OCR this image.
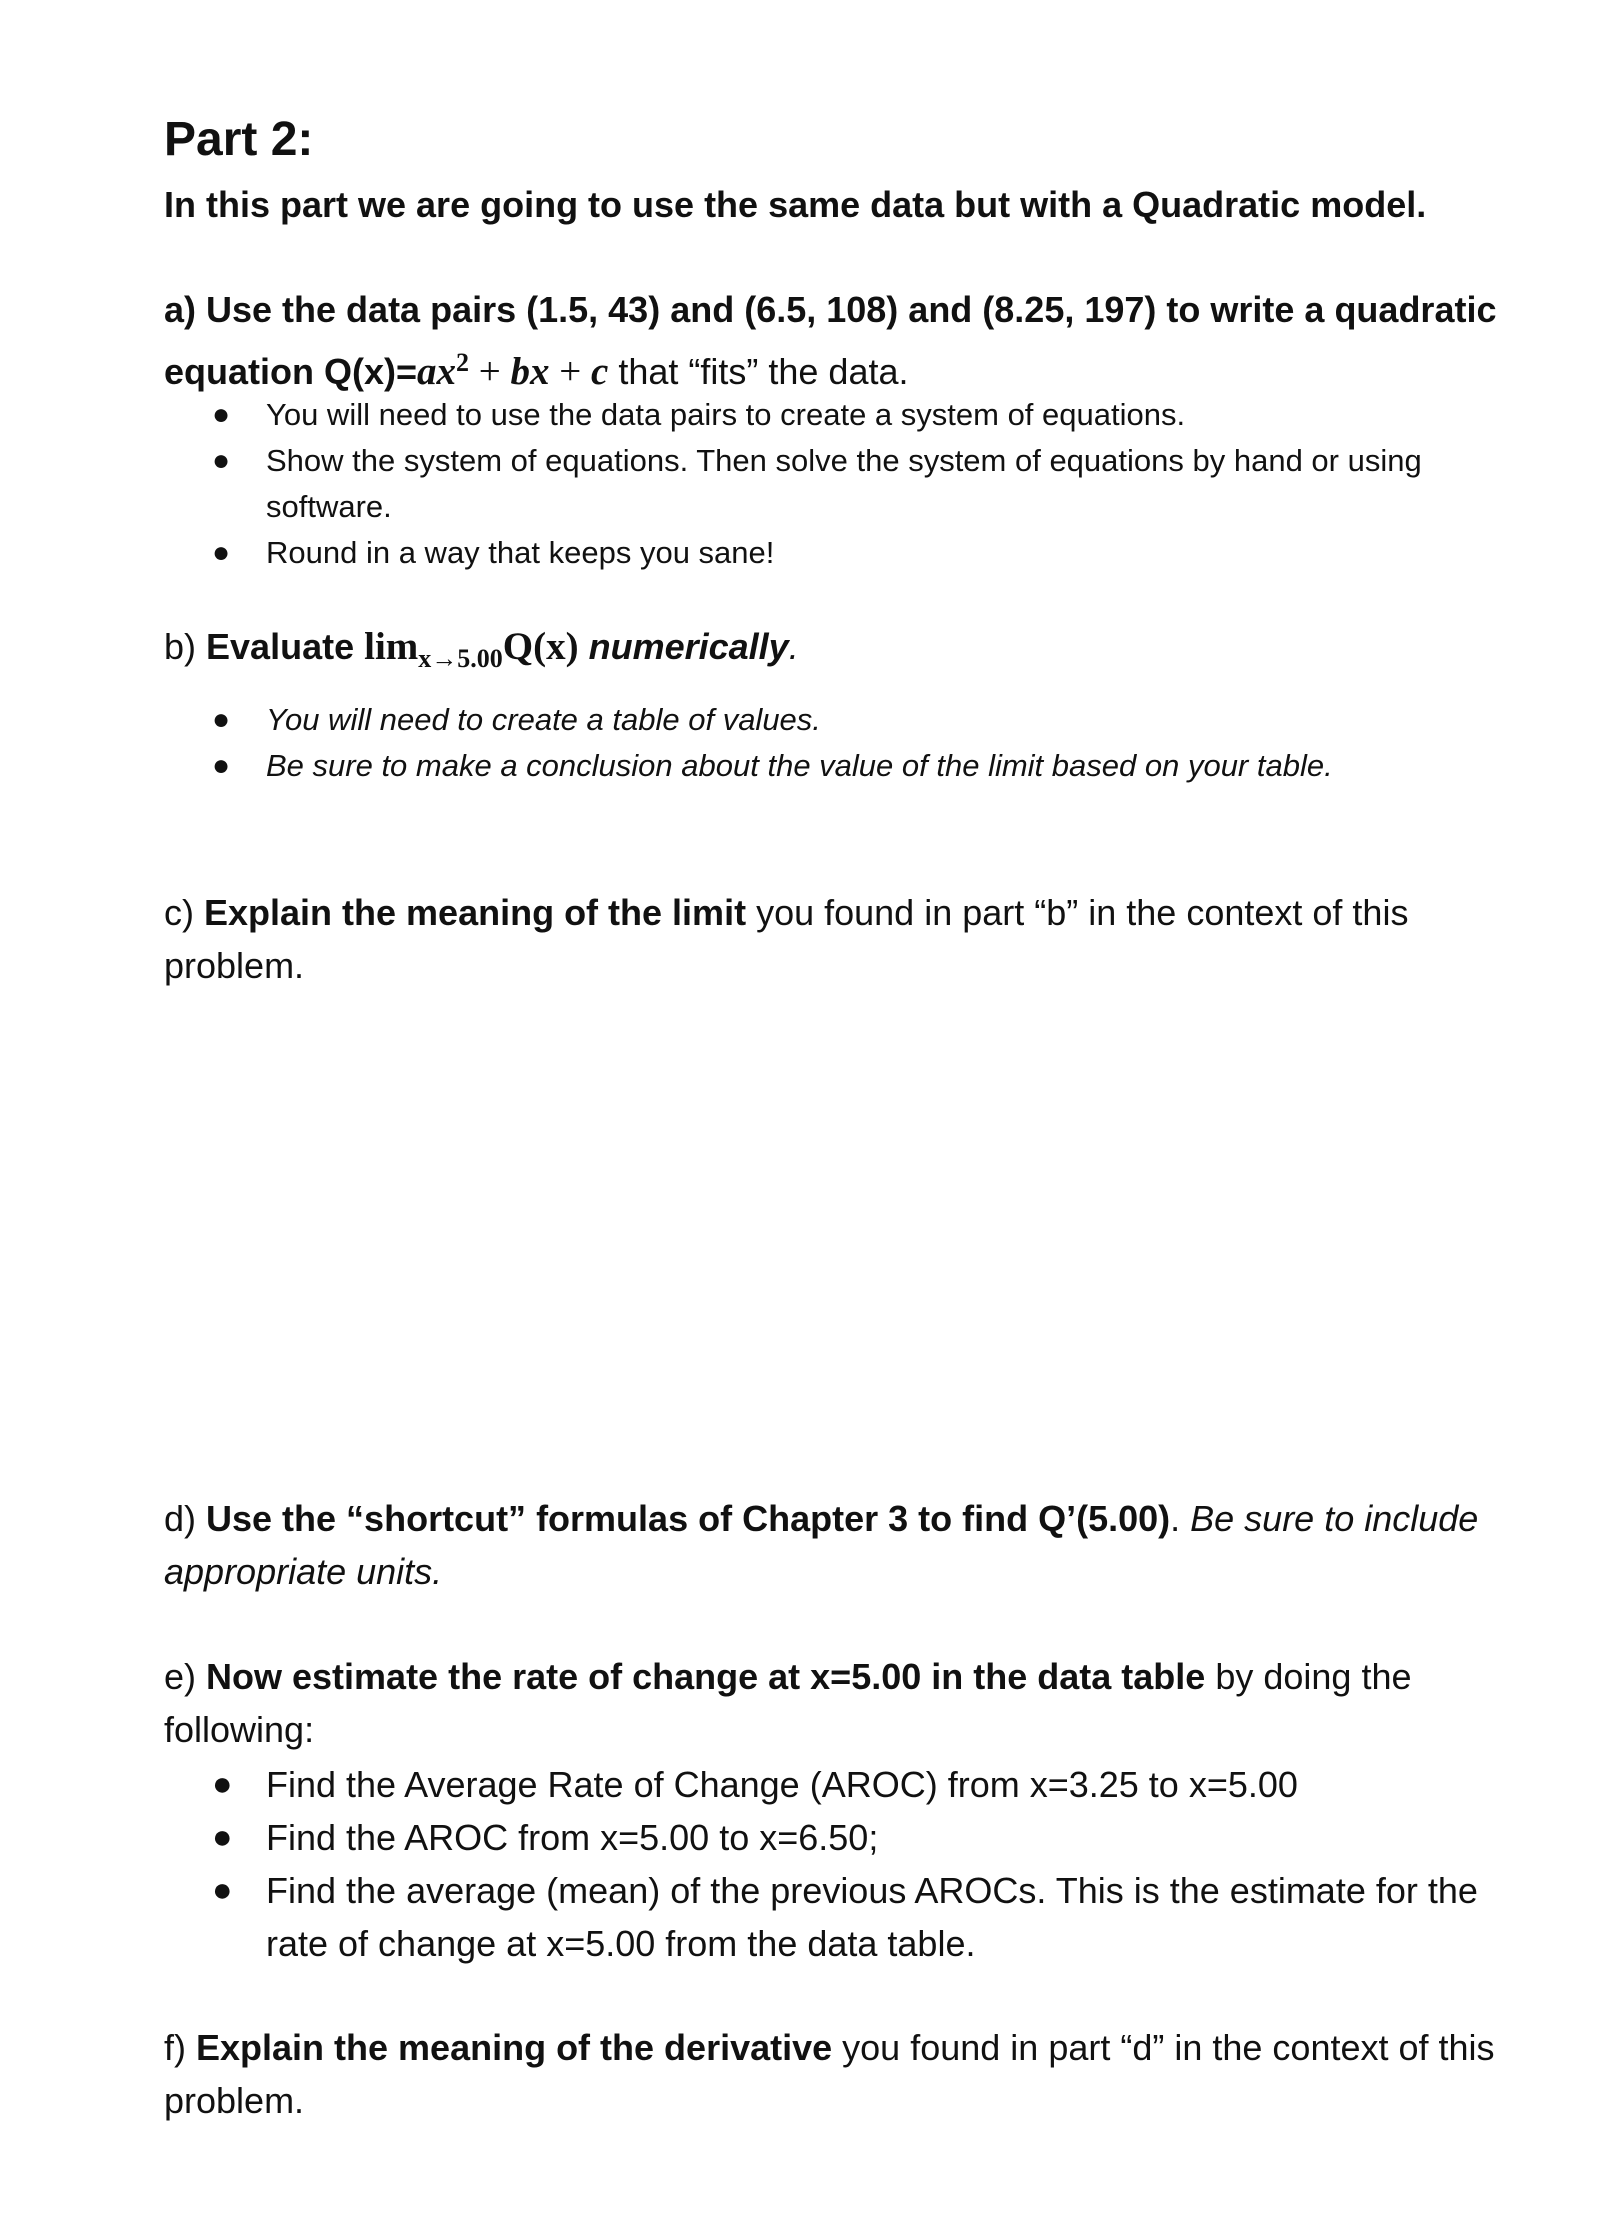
Part 2:
In this part we are going to use the same data but with a Quadratic model.
a) Use the data pairs (1.5, 43) and (6.5, 108) and (8.25, 197) to write a quadratic equation $Q(x)=ax^2$ + bx + c that “fits” the data.
● You will need to use the data pairs to create a system of equations.
● Show the system of equations. Then solve the system of equations by hand or using software.
● Round in a way that keeps you sane!
b) Evaluate $\lim_{x\to 5.00}Q(x)$ numerically.
● You will need to create a table of values.
● Be sure to make a conclusion about the value of the limit based on your table.
c) Explain the meaning of the limit you found in part “b” in the context of this problem.
d) Use the “shortcut” formulas of Chapter 3 to find Q’(5.00). Be sure to include appropriate units.
e) Now estimate the rate of change at x=5.00 in the data table by doing the following:
● Find the Average Rate of Change (AROC) from x=3.25 to x=5.00
● Find the AROC from x=5.00 to x=6.50;
● Find the average (mean) of the previous AROCs. This is the estimate for the rate of change at x=5.00 from the data table.
f) Explain the meaning of the derivative you found in part “d” in the context of this problem.
